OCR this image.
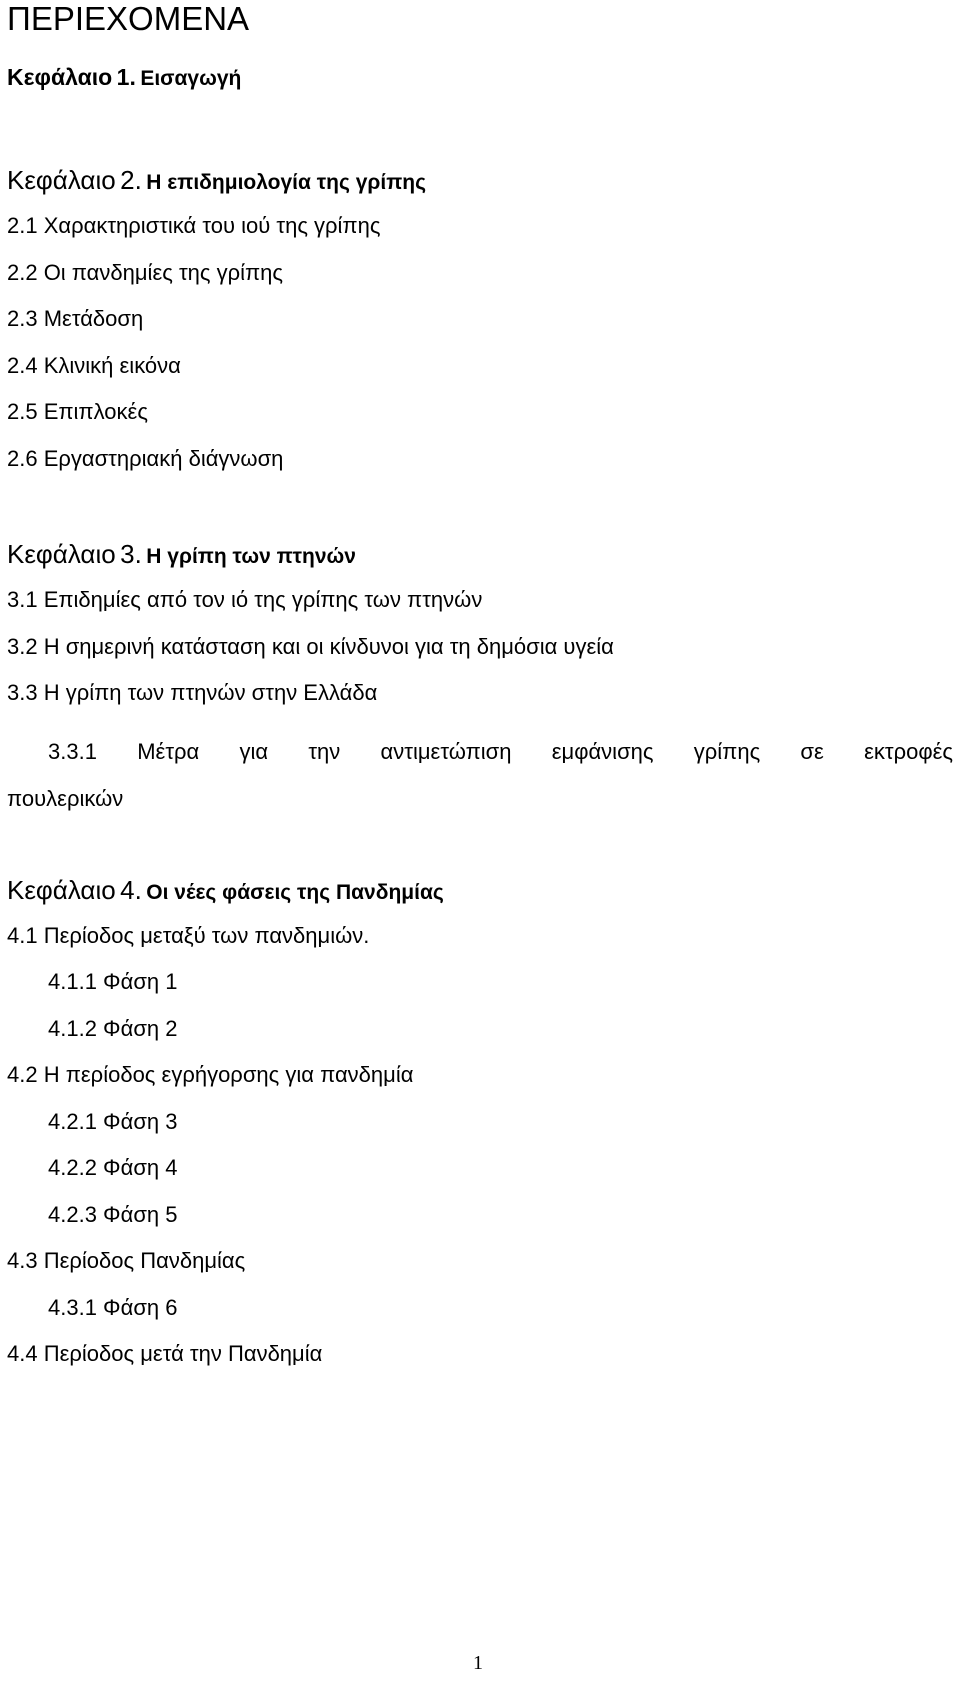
ΠΕΡΙΕΧΟΜΕΝΑ
Κεφάλαιο 1. Εισαγωγή
Κεφάλαιο 2. Η επιδημιολογία της γρίπης
2.1 Χαρακτηριστικά του ιού της γρίπης
2.2 Οι πανδημίες της γρίπης
2.3 Μετάδοση
2.4 Κλινική εικόνα
2.5 Επιπλοκές
2.6 Εργαστηριακή διάγνωση
Κεφάλαιο 3. Η γρίπη των πτηνών
3.1 Επιδημίες από τον ιό της γρίπης των πτηνών
3.2 Η σημερινή κατάσταση και οι κίνδυνοι για τη δημόσια υγεία
3.3 Η γρίπη των πτηνών στην Ελλάδα
3.3.1 Μέτρα για την αντιμετώπιση εμφάνισης γρίπης σε εκτροφές
πουλερικών
Κεφάλαιο 4. Οι νέες φάσεις της Πανδημίας
4.1 Περίοδος μεταξύ των πανδημιών.
4.1.1 Φάση 1
4.1.2 Φάση 2
4.2 Η περίοδος εγρήγορσης για πανδημία
4.2.1 Φάση 3
4.2.2 Φάση 4
4.2.3 Φάση 5
4.3 Περίοδος Πανδημίας
4.3.1 Φάση 6
4.4 Περίοδος μετά την Πανδημία
1
